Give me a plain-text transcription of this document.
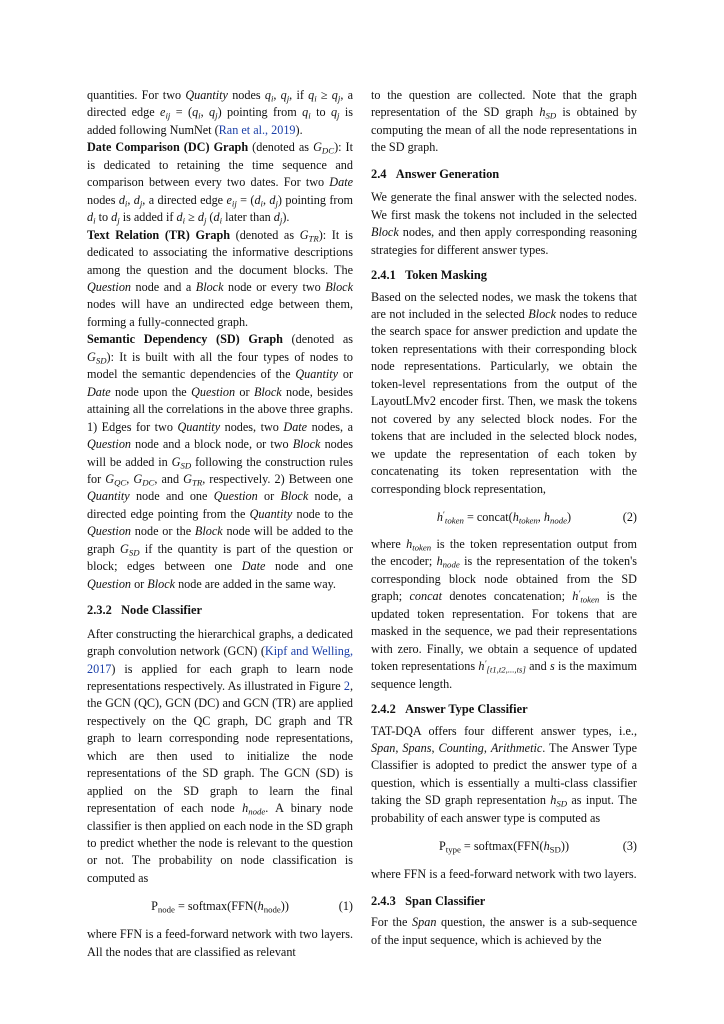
quantities. For two Quantity nodes $q_i$, $q_j$, if $q_i \ge q_j$, a directed edge $e_{ij} = (q_i$, $q_j$) pointing from $q_i$ to $q_j$ is added following NumNet (Ran et al., 2019).

Date Comparison (DC) Graph (denoted as $G_{DC}$): It is dedicated to retaining the time sequence and comparison between every two dates. For two Date nodes $d_i$, $d_j$, a directed edge $e_{ij} = (d_i$, $d_j$) pointing from $d_i$ to $d_j$ is added if $d_i \ge d_j$ ($d_i$ later than $d_j$).

Text Relation (TR) Graph (denoted as $G_{TR}$): It is dedicated to associating the informative descriptions among the question and the document blocks. The Question node and a Block node or every two Block nodes will have an undirected edge between them, forming a fully-connected graph.

Semantic Dependency (SD) Graph (denoted as $G_{SD}$): It is built with all the four types of nodes to model the semantic dependencies of the Quantity or Date node upon the Question or Block node, besides attaining all the correlations in the above three graphs. 1) Edges for two Quantity nodes, two Date nodes, a Question node and a block node, or two Block nodes will be added in $G_{SD}$ following the construction rules for $G_{QC}$, $G_{DC}$, and $G_{TR}$, respectively. 2) Between one Quantity node and one Question or Block node, a directed edge pointing from the Quantity node to the Question node or the Block node will be added to the graph $G_{SD}$ if the quantity is part of the question or block; edges between one Date node and one Question or Block node are added in the same way.

2.3.2 Node Classifier

After constructing the hierarchical graphs, a dedicated graph convolution network (GCN) (Kipf and Welling, 2017) is applied for each graph to learn node representations respectively. As illustrated in Figure 2, the GCN (QC), GCN (DC) and GCN (TR) are applied respectively on the QC graph, DC graph and TR graph to learn corresponding node representations, which are then used to initialize the node representations of the SD graph. The GCN (SD) is applied on the SD graph to learn the final representation of each node $h_{node}$. A binary node classifier is then applied on each node in the SD graph to predict whether the node is relevant to the question or not. The probability on node classification is computed as

$P_{node}$ = $softmax(FFN(h_{node}))$	(1)

where FFN is a feed-forward network with two layers. All the nodes that are classified as relevant

to the question are collected. Note that the graph representation of the SD graph $h_{SD}$ is obtained by computing the mean of all the node representations in the SD graph.

2.4 Answer Generation

We generate the final answer with the selected nodes. We first mask the tokens not included in the selected Block nodes, and then apply corresponding reasoning strategies for different answer types.

2.4.1 Token Masking

Based on the selected nodes, we mask the tokens that are not included in the selected Block nodes to reduce the search space for answer prediction and update the token representations with their corresponding block node representations. Particularly, we obtain the token-level representations from the output of the LayoutLMv2 encoder first. Then, we mask the tokens not covered by any selected block nodes. For the tokens that are included in the selected block nodes, we update the representation of each token by concatenating its token representation with the corresponding block representation,

$h'_{token}$ = $concat(h_{token}$, $h_{node}$)	(2)

where $h_{token}$ is the token representation output from the encoder; $h_{node}$ is the representation of the token's corresponding block node obtained from the SD graph; concat denotes concatenation; $h'_{token}$ is the updated token representation. For tokens that are masked in the sequence, we pad their representations with zero. Finally, we obtain a sequence of updated token representations $h'_{[t1,t2,...,ts]}$ and s is the maximum sequence length.

2.4.2 Answer Type Classifier

TAT-DQA offers four different answer types, i.e., Span, Spans, Counting, Arithmetic. The Answer Type Classifier is adopted to predict the answer type of a question, which is essentially a multi-class classifier taking the SD graph representation $h_{SD}$ as input. The probability of each answer type is computed as

$P_{type}$ = $softmax(FFN(h_{SD}))$	(3)

where FFN is a feed-forward network with two layers.

2.4.3 Span Classifier

For the Span question, the answer is a sub-sequence of the input sequence, which is achieved by the
